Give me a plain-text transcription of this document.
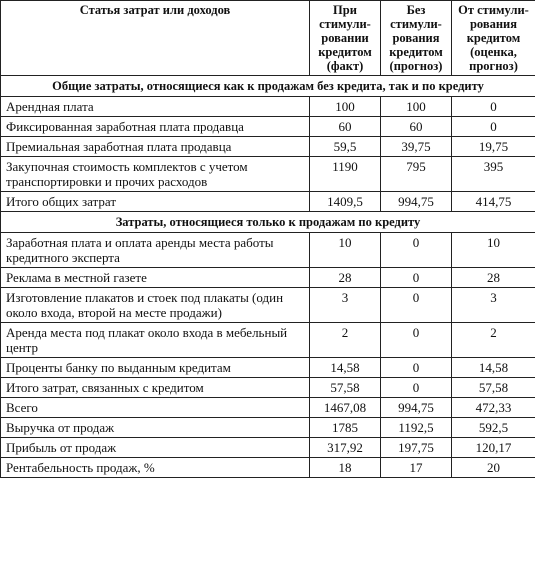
Статья затрат или доходов	При стимули-ровании кредитом (факт)	Без стимули-рования кредитом (прогноз)	От стимули-рования кредитом (оценка, прогноз)
Общие затраты, относящиеся как к продажам без кредита, так и по кредиту			
Арендная плата	100	100	0
Фиксированная заработная плата продавца	60	60	0
Премиальная заработная плата продавца	59,5	39,75	19,75
Закупочная стоимость комплектов с учетом транспортировки и прочих расходов	1190	795	395
Итого общих затрат	1409,5	994,75	414,75
Затраты, относящиеся только к продажам по кредиту			
Заработная плата и оплата аренды места работы кредитного эксперта	10	0	10
Реклама в местной газете	28	0	28
Изготовление плакатов и стоек под плакаты (один около входа, второй на месте продажи)	3	0	3
Аренда места под плакат около входа в мебельный центр	2	0	2
Проценты банку по выданным кредитам	14,58	0	14,58
Итого затрат, связанных с кредитом	57,58	0	57,58
Всего	1467,08	994,75	472,33
Выручка от продаж	1785	1192,5	592,5
Прибыль от продаж	317,92	197,75	120,17
Рентабельность продаж, %	18	17	20
